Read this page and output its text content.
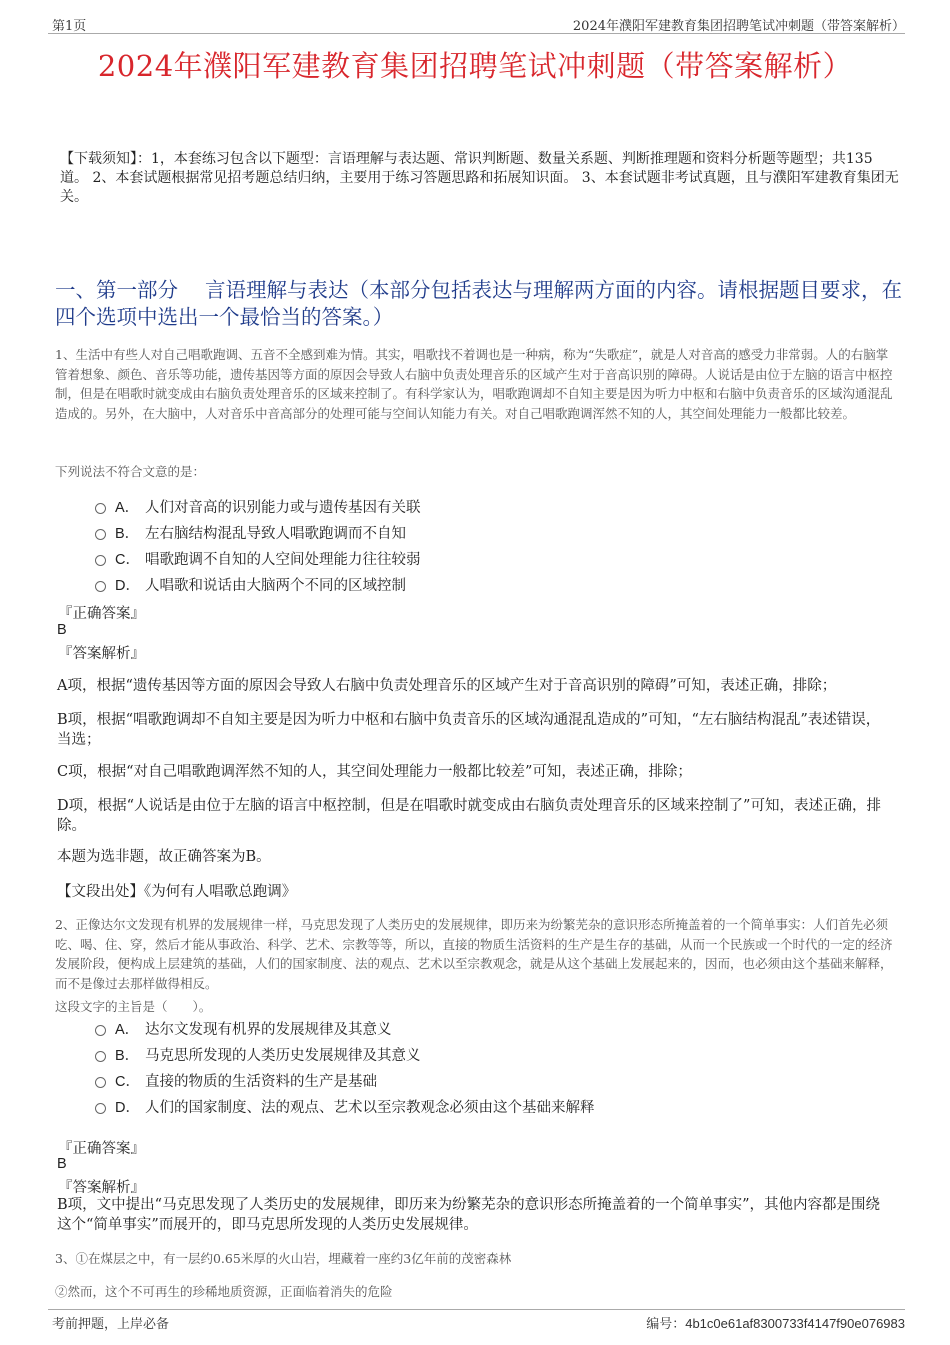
第1页	2024年濮阳军建教育集团招聘笔试冲刺题（带答案解析）
2024年濮阳军建教育集团招聘笔试冲刺题（带答案解析）
【下载须知】：1，本套练习包含以下题型：言语理解与表达题、常识判断题、数量关系题、判断推理题和资料分析题等题型；共135道。 2、本套试题根据常见招考题总结归纳，主要用于练习答题思路和拓展知识面。 3、本套试题非考试真题，且与濮阳军建教育集团无关。
一、第一部分　 言语理解与表达（本部分包括表达与理解两方面的内容。请根据题目要求，在四个选项中选出一个最恰当的答案。）
1、生活中有些人对自己唱歌跑调、五音不全感到难为情。其实，唱歌找不着调也是一种病，称为“失歌症”，就是人对音高的感受力非常弱。人的右脑掌管着想象、颜色、音乐等功能，遗传基因等方面的原因会导致人右脑中负责处理音乐的区域产生对于音高识别的障碍。人说话是由位于左脑的语言中枢控制，但是在唱歌时就变成由右脑负责处理音乐的区域来控制了。有科学家认为，唱歌跑调却不自知主要是因为听力中枢和右脑中负责音乐的区域沟通混乱造成的。另外，在大脑中，人对音乐中音高部分的处理可能与空间认知能力有关。对自己唱歌跑调浑然不知的人，其空间处理能力一般都比较差。
下列说法不符合文意的是：
A． 人们对音高的识别能力或与遗传基因有关联
B． 左右脑结构混乱导致人唱歌跑调而不自知
C． 唱歌跑调不自知的人空间处理能力往往较弱
D． 人唱歌和说话由大脑两个不同的区域控制
『正确答案』
B
『答案解析』
A项，根据“遗传基因等方面的原因会导致人右脑中负责处理音乐的区域产生对于音高识别的障碍”可知，表述正确，排除；
B项，根据“唱歌跑调却不自知主要是因为听力中枢和右脑中负责音乐的区域沟通混乱造成的”可知，“左右脑结构混乱”表述错误，当选；
C项，根据“对自己唱歌跑调浑然不知的人，其空间处理能力一般都比较差”可知，表述正确，排除；
D项，根据“人说话是由位于左脑的语言中枢控制，但是在唱歌时就变成由右脑负责处理音乐的区域来控制了”可知，表述正确，排除。
本题为选非题，故正确答案为B。
【文段出处】《为何有人唱歌总跑调》
2、正像达尔文发现有机界的发展规律一样，马克思发现了人类历史的发展规律，即历来为纷繁芜杂的意识形态所掩盖着的一个简单事实：人们首先必须吃、喝、住、穿，然后才能从事政治、科学、艺术、宗教等等，所以，直接的物质生活资料的生产是生存的基础，从而一个民族或一个时代的一定的经济发展阶段，便构成上层建筑的基础，人们的国家制度、法的观点、艺术以至宗教观念，就是从这个基础上发展起来的，因而，也必须由这个基础来解释，而不是像过去那样做得相反。
这段文字的主旨是（　　）。
A． 达尔文发现有机界的发展规律及其意义
B． 马克思所发现的人类历史发展规律及其意义
C． 直接的物质的生活资料的生产是基础
D． 人们的国家制度、法的观点、艺术以至宗教观念必须由这个基础来解释
『正确答案』
B
『答案解析』
B项，文中提出“马克思发现了人类历史的发展规律，即历来为纷繁芜杂的意识形态所掩盖着的一个简单事实”，其他内容都是围绕这个“简单事实”而展开的，即马克思所发现的人类历史发展规律。
3、①在煤层之中，有一层约0.65米厚的火山岩，埋藏着一座约3亿年前的茂密森林
②然而，这个不可再生的珍稀地质资源，正面临着消失的危险
考前押题，上岸必备	编号：4b1c0e61af8300733f4147f90e076983
